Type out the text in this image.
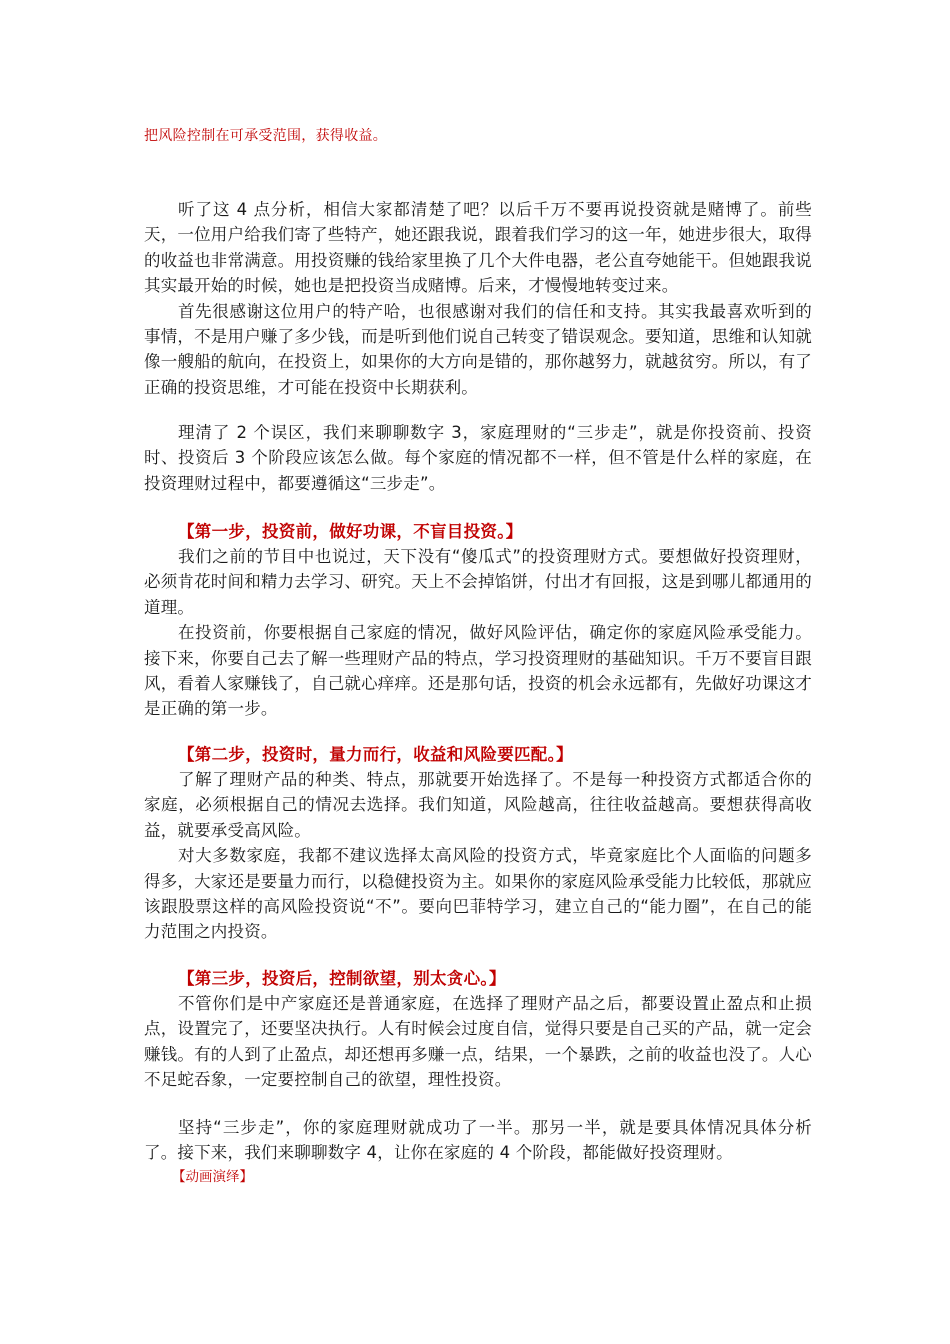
把风险控制在可承受范围，获得收益。

听了这 4 点分析，相信大家都清楚了吧？以后千万不要再说投资就是赌博了。前些天，一位用户给我们寄了些特产，她还跟我说，跟着我们学习的这一年，她进步很大，取得的收益也非常满意。用投资赚的钱给家里换了几个大件电器，老公直夸她能干。但她跟我说其实最开始的时候，她也是把投资当成赌博。后来，才慢慢地转变过来。

首先很感谢这位用户的特产哈，也很感谢对我们的信任和支持。其实我最喜欢听到的事情，不是用户赚了多少钱，而是听到他们说自己转变了错误观念。要知道，思维和认知就像一艘船的航向，在投资上，如果你的大方向是错的，那你越努力，就越贫穷。所以，有了正确的投资思维，才可能在投资中长期获利。

理清了 2 个误区，我们来聊聊数字 3，家庭理财的“三步走”，就是你投资前、投资时、投资后 3 个阶段应该怎么做。每个家庭的情况都不一样，但不管是什么样的家庭，在投资理财过程中，都要遵循这“三步走”。

【第一步，投资前，做好功课，不盲目投资。】

我们之前的节目中也说过，天下没有“傻瓜式”的投资理财方式。要想做好投资理财，必须肯花时间和精力去学习、研究。天上不会掉馅饼，付出才有回报，这是到哪儿都通用的道理。

在投资前，你要根据自己家庭的情况，做好风险评估，确定你的家庭风险承受能力。接下来，你要自己去了解一些理财产品的特点，学习投资理财的基础知识。千万不要盲目跟风，看着人家赚钱了，自己就心痒痒。还是那句话，投资的机会永远都有，先做好功课这才是正确的第一步。

【第二步，投资时，量力而行，收益和风险要匹配。】

了解了理财产品的种类、特点，那就要开始选择了。不是每一种投资方式都适合你的家庭，必须根据自己的情况去选择。我们知道，风险越高，往往收益越高。要想获得高收益，就要承受高风险。

对大多数家庭，我都不建议选择太高风险的投资方式，毕竟家庭比个人面临的问题多得多，大家还是要量力而行，以稳健投资为主。如果你的家庭风险承受能力比较低，那就应该跟股票这样的高风险投资说“不”。要向巴菲特学习，建立自己的“能力圈”，在自己的能力范围之内投资。

【第三步，投资后，控制欲望，别太贪心。】

不管你们是中产家庭还是普通家庭，在选择了理财产品之后，都要设置止盈点和止损点，设置完了，还要坚决执行。人有时候会过度自信，觉得只要是自己买的产品，就一定会赚钱。有的人到了止盈点，却还想再多赚一点，结果，一个暴跌，之前的收益也没了。人心不足蛇吞象，一定要控制自己的欲望，理性投资。

坚持“三步走”，你的家庭理财就成功了一半。那另一半，就是要具体情况具体分析了。接下来，我们来聊聊数字 4，让你在家庭的 4 个阶段，都能做好投资理财。

【动画演绎】
